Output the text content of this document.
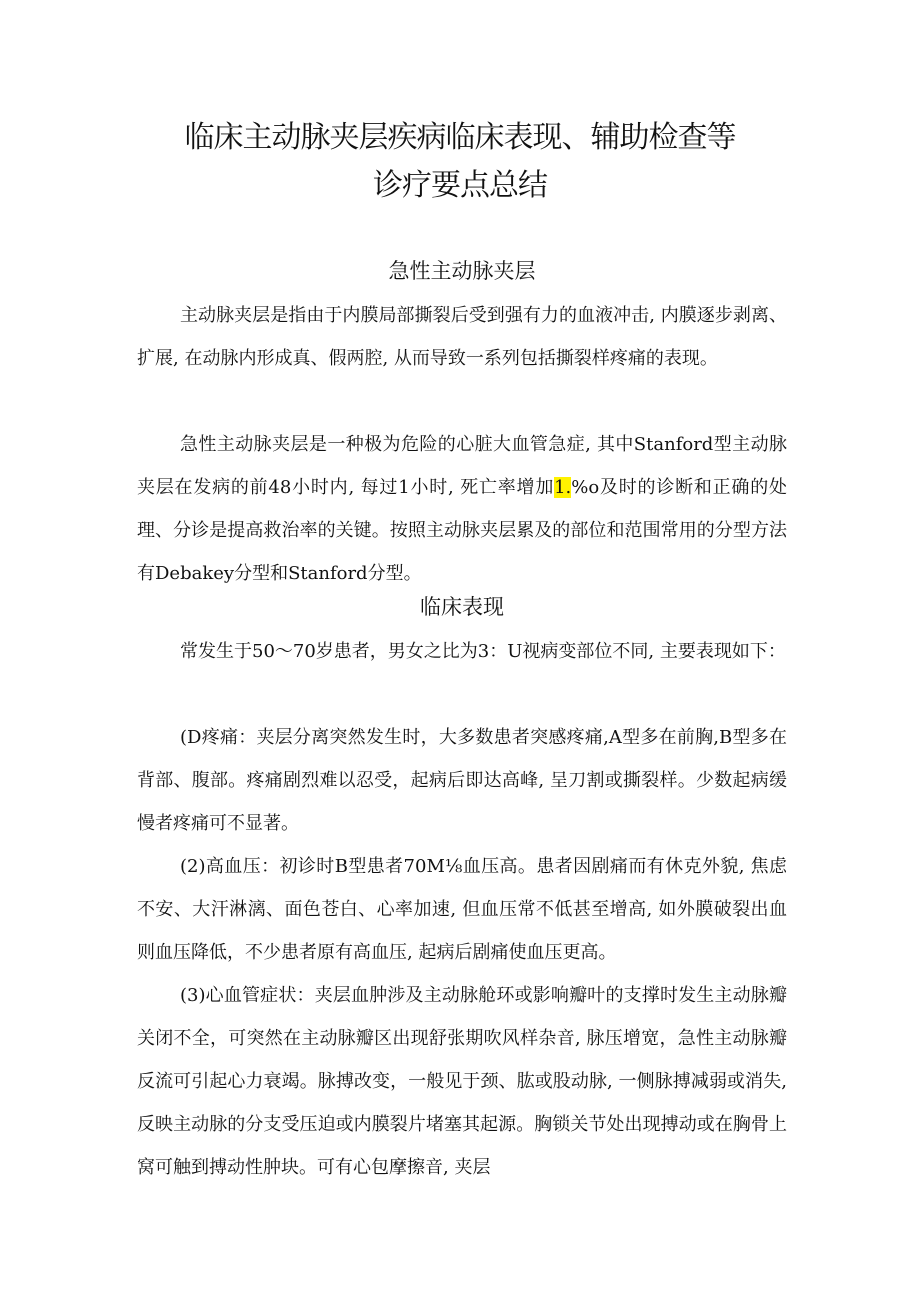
临床主动脉夹层疾病临床表现、辅助检查等
诊疗要点总结
急性主动脉夹层

主动脉夹层是指由于内膜局部撕裂后受到强有力的血液冲击, 内膜逐步剥离、扩展, 在动脉内形成真、假两腔, 从而导致一系列包括撕裂样疼痛的表现。

急性主动脉夹层是一种极为危险的心脏大血管急症, 其中Stanford型主动脉夹层在发病的前48小时内, 每过1小时, 死亡率增加1.%o及时的诊断和正确的处理、分诊是提高救治率的关键。按照主动脉夹层累及的部位和范围常用的分型方法有Debakey分型和Stanford分型。

临床表现

常发生于50〜70岁患者，男女之比为3：U视病变部位不同, 主要表现如下：

(D疼痛：夹层分离突然发生时，大多数患者突感疼痛,A型多在前胸,B型多在背部、腹部。疼痛剧烈难以忍受，起病后即达高峰, 呈刀割或撕裂样。少数起病缓慢者疼痛可不显著。

(2)高血压：初诊时B型患者70M⅛血压高。患者因剧痛而有休克外貌, 焦虑不安、大汗淋漓、面色苍白、心率加速, 但血压常不低甚至增高, 如外膜破裂出血则血压降低，不少患者原有高血压, 起病后剧痛使血压更高。

(3)心血管症状：夹层血肿涉及主动脉舱环或影响瓣叶的支撑时发生主动脉瓣关闭不全，可突然在主动脉瓣区出现舒张期吹风样杂音, 脉压增宽，急性主动脉瓣反流可引起心力衰竭。脉搏改变，一般见于颈、肱或股动脉, 一侧脉搏减弱或消失, 反映主动脉的分支受压迫或内膜裂片堵塞其起源。胸锁关节处出现搏动或在胸骨上窝可触到搏动性肿块。可有心包摩擦音, 夹层
